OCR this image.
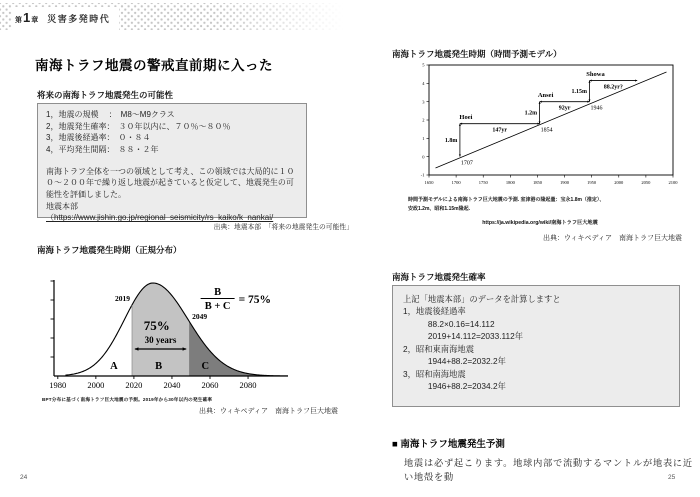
第1章 災害多発時代
南海トラフ地震の警戒直前期に入った
将来の南海トラフ地震発生の可能性
1，地震の規模　 ：　M8～M9クラス
2，地震発生確率：　３０年以内に、７０％～８０％
3，地震後経過率：　０・８４
4，平均発生間隔：　８８・２年
南海トラフ全体を一つの領域として考え、この領域では大局的に１００～２００年で繰り返し地震が起きていると仮定して、地震発生の可能性を評価しました。
地震本部
（https://www.jishin.go.jp/regional_seismicity/rs_kaiko/k_nankai/
出典：地震本部　「将来の地震発生の可能性」
南海トラフ地震発生時期（正規分布）
1980 2000 2020 2040 2060 2080
2019
2049
75%
30 years
A	B	C
B
B + C
= 75%
BPT分布に基づく南海トラフ巨大地震の予測。2019年から30年以内の発生確率
出典：ウィキペディア　南海トラフ巨大地震
南海トラフ地震発生時期（時間予測モデル）
1650	1700	1750	1800	1850	1900	1950	2000	2050	2100
-1
0
1
2
3
4
5
Hoei
1.8m
1707
147yr
Ansei
1.2m
1854
92yr
Showa
1.15m
1946
88.2yr?
時間予測モデルによる南海トラフ巨大地震の予測. 室津港の隆起量：宝永1.8m（推定）、
安政1.2m、昭和1.15m隆起.
https://ja.wikipedia.org/wiki/南海トラフ巨大地震
出典：ウィキペディア　南海トラフ巨大地震
南海トラフ地震発生確率
上記「地震本部」のデータを計算しますと
1，地震後経過率
　　　88.2×0.16=14.112
　　　2019+14.112=2033.112年
2，昭和東南海地震
　　　1944+88.2=2032.2年
3，昭和南海地震
　　　1946+88.2=2034.2年
■ 南海トラフ地震発生予測
地震は必ず起こります。地球内部で流動するマントルが地表に近い地殻を動
24	25
